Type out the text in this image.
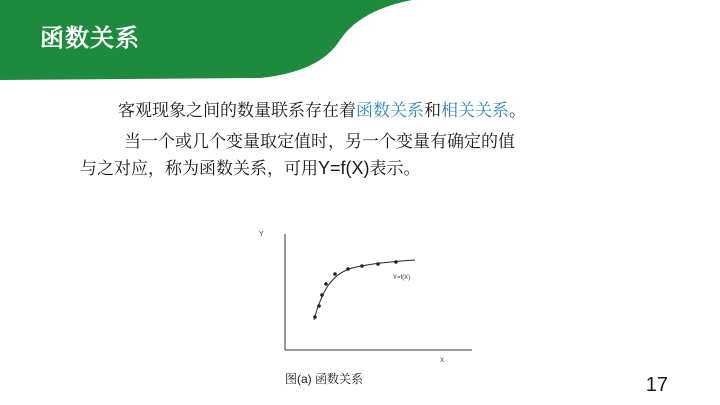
函数关系

客观现象之间的数量联系存在着函数关系和相关关系。

当一个或几个变量取定值时，另一个变量有确定的值与之对应，称为函数关系，可用Y=f(X)表示。

Y
X
Y=f(X)
图(a) 函数关系	17
